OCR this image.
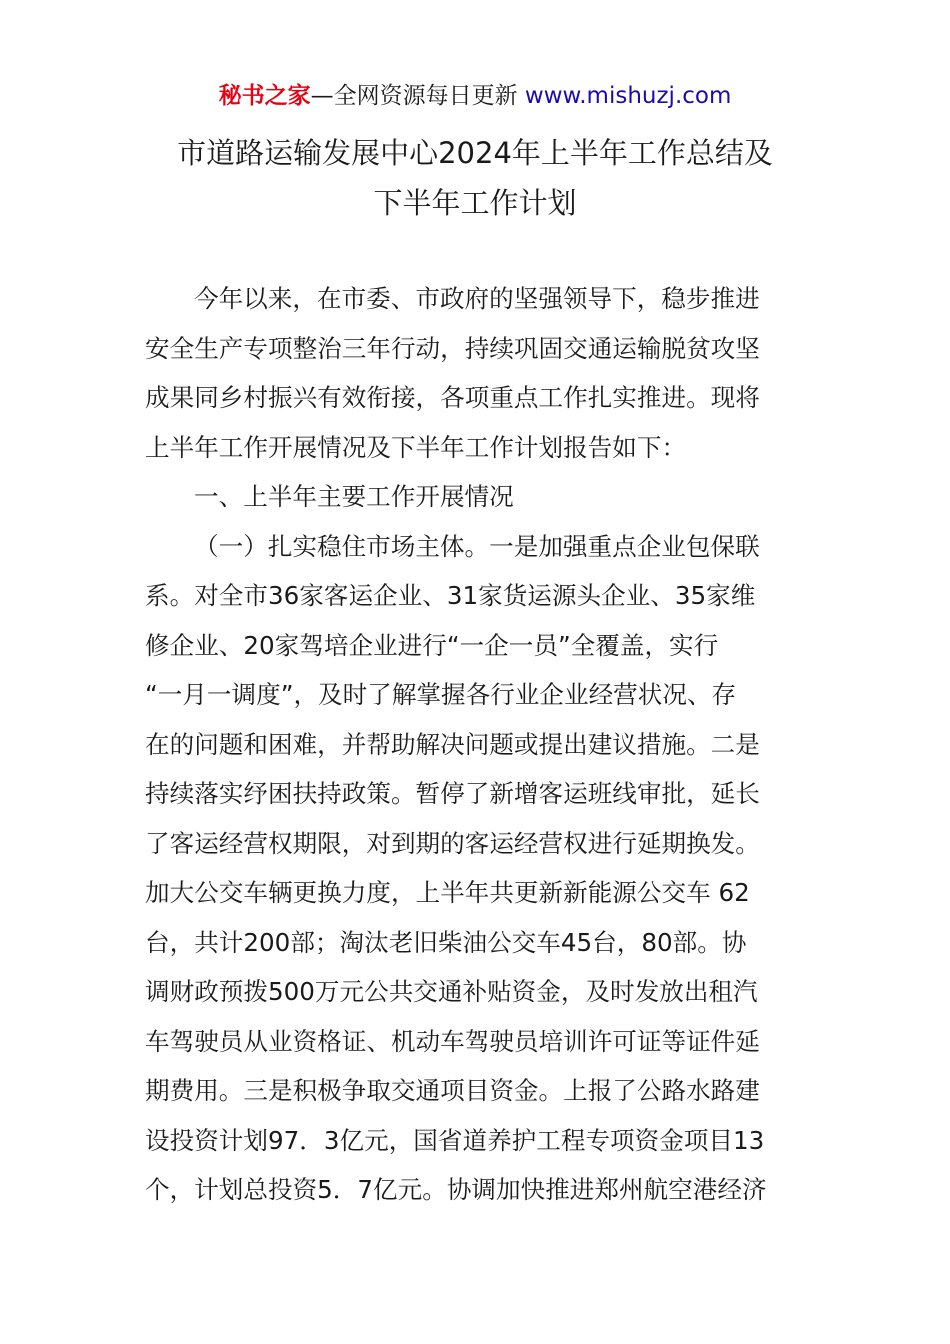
秘书之家—全网资源每日更新 www.mishuzj.com
市道路运输发展中心2024年上半年工作总结及
下半年工作计划
今年以来，在市委、市政府的坚强领导下，稳步推进
安全生产专项整治三年行动，持续巩固交通运输脱贫攻坚
成果同乡村振兴有效衔接，各项重点工作扎实推进。现将
上半年工作开展情况及下半年工作计划报告如下：
一、上半年主要工作开展情况
（一）扎实稳住市场主体。一是加强重点企业包保联
系。对全市36家客运企业、31家货运源头企业、35家维
修企业、20家驾培企业进行“一企一员”全覆盖，实行
“一月一调度”，及时了解掌握各行业企业经营状况、存
在的问题和困难，并帮助解决问题或提出建议措施。二是
持续落实纾困扶持政策。暂停了新增客运班线审批，延长
了客运经营权期限，对到期的客运经营权进行延期换发。
加大公交车辆更换力度，上半年共更新新能源公交车 62
台，共计200部；淘汰老旧柴油公交车45台，80部。协
调财政预拨500万元公共交通补贴资金，及时发放出租汽
车驾驶员从业资格证、机动车驾驶员培训许可证等证件延
期费用。三是积极争取交通项目资金。上报了公路水路建
设投资计划97．3亿元，国省道养护工程专项资金项目13
个，计划总投资5．7亿元。协调加快推进郑州航空港经济
